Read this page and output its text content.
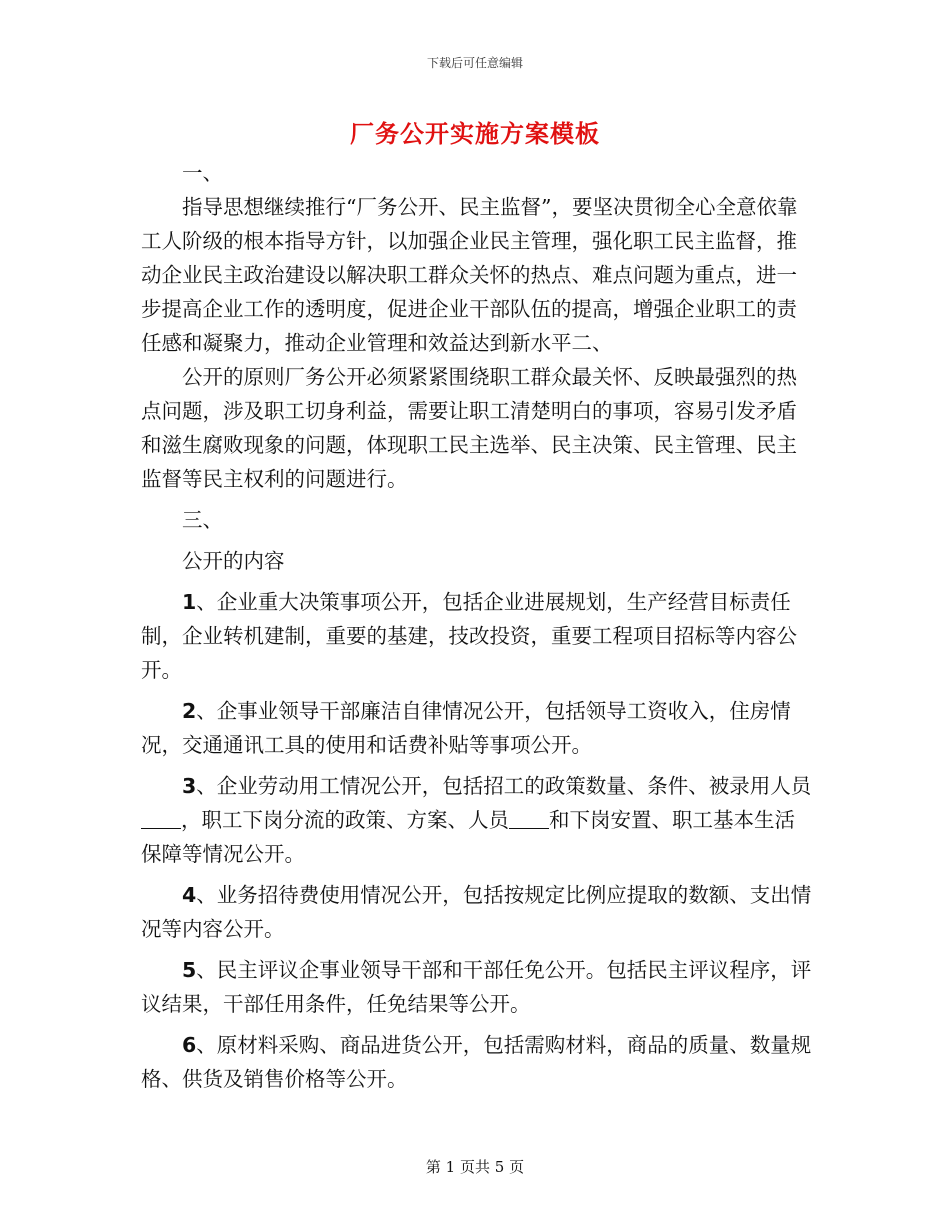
下载后可任意编辑
厂务公开实施方案模板

一、

指导思想继续推行“厂务公开、民主监督”，要坚决贯彻全心全意依靠工人阶级的根本指导方针，以加强企业民主管理，强化职工民主监督，推动企业民主政治建设以解决职工群众关怀的热点、难点问题为重点，进一步提高企业工作的透明度，促进企业干部队伍的提高，增强企业职工的责任感和凝聚力，推动企业管理和效益达到新水平二、

公开的原则厂务公开必须紧紧围绕职工群众最关怀、反映最强烈的热点问题，涉及职工切身利益，需要让职工清楚明白的事项，容易引发矛盾和滋生腐败现象的问题，体现职工民主选举、民主决策、民主管理、民主监督等民主权利的问题进行。

三、

公开的内容

1、企业重大决策事项公开，包括企业进展规划，生产经营目标责任制，企业转机建制，重要的基建，技改投资，重要工程项目招标等内容公开。

2、企事业领导干部廉洁自律情况公开，包括领导工资收入，住房情况，交通通讯工具的使用和话费补贴等事项公开。

3、企业劳动用工情况公开，包括招工的政策数量、条件、被录用人员，职工下岗分流的政策、方案、人员 和下岗安置、职工基本生活保障等情况公开。

4、业务招待费使用情况公开，包括按规定比例应提取的数额、支出情况等内容公开。

5、民主评议企事业领导干部和干部任免公开。包括民主评议程序，评议结果，干部任用条件，任免结果等公开。

6、原材料采购、商品进货公开，包括需购材料，商品的质量、数量规格、供货及销售价格等公开。

第 1 页共 5 页
